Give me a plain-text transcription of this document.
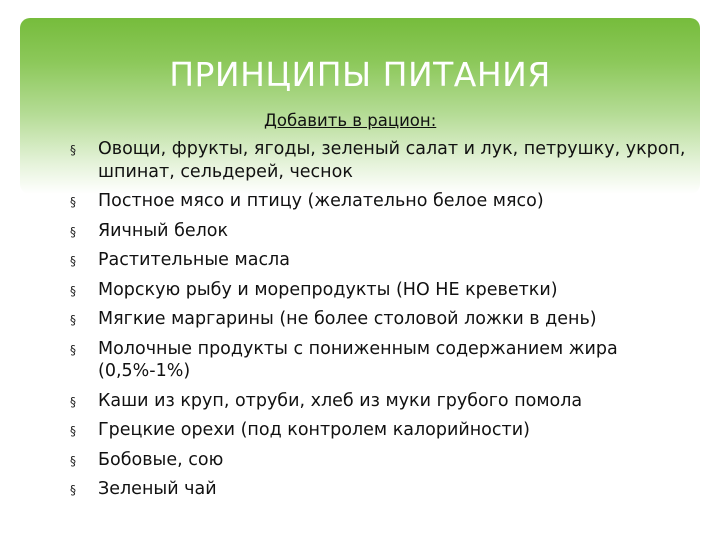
ПРИНЦИПЫ ПИТАНИЯ
Добавить в рацион:
§ Овощи, фрукты, ягоды, зеленый салат и лук, петрушку, укроп, шпинат, сельдерей, чеснок
§ Постное мясо и птицу (желательно белое мясо)
§ Яичный белок
§ Растительные масла
§ Морскую рыбу и морепродукты (НО НЕ креветки)
§ Мягкие маргарины (не более столовой ложки в день)
§ Молочные продукты с пониженным содержанием жира (0,5%-1%)
§ Каши из круп, отруби, хлеб из муки грубого помола
§ Грецкие орехи (под контролем калорийности)
§ Бобовые, сою
§ Зеленый чай
